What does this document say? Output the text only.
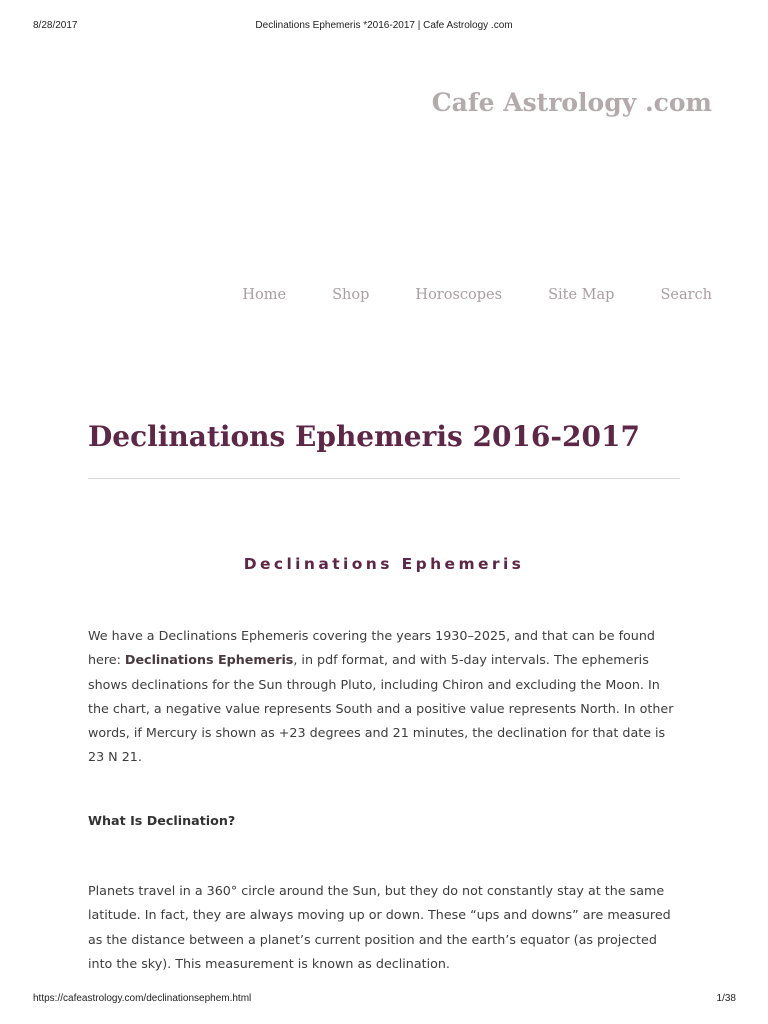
8/28/2017	Declinations Ephemeris *2016-2017 | Cafe Astrology .com
Cafe Astrology .com
Home	Shop	Horoscopes	Site Map	Search
Declinations Ephemeris 2016-2017
Declinations Ephemeris

We have a Declinations Ephemeris covering the years 1930–2025, and that can be found here: Declinations Ephemeris, in pdf format, and with 5-day intervals. The ephemeris shows declinations for the Sun through Pluto, including Chiron and excluding the Moon. In the chart, a negative value represents South and a positive value represents North. In other words, if Mercury is shown as +23 degrees and 21 minutes, the declination for that date is 23 N 21.

What Is Declination?

Planets travel in a 360° circle around the Sun, but they do not constantly stay at the same latitude. In fact, they are always moving up or down. These “ups and downs” are measured as the distance between a planet’s current position and the earth’s equator (as projected into the sky). This measurement is known as declination.

https://cafeastrology.com/declinationsephem.html	1/38
